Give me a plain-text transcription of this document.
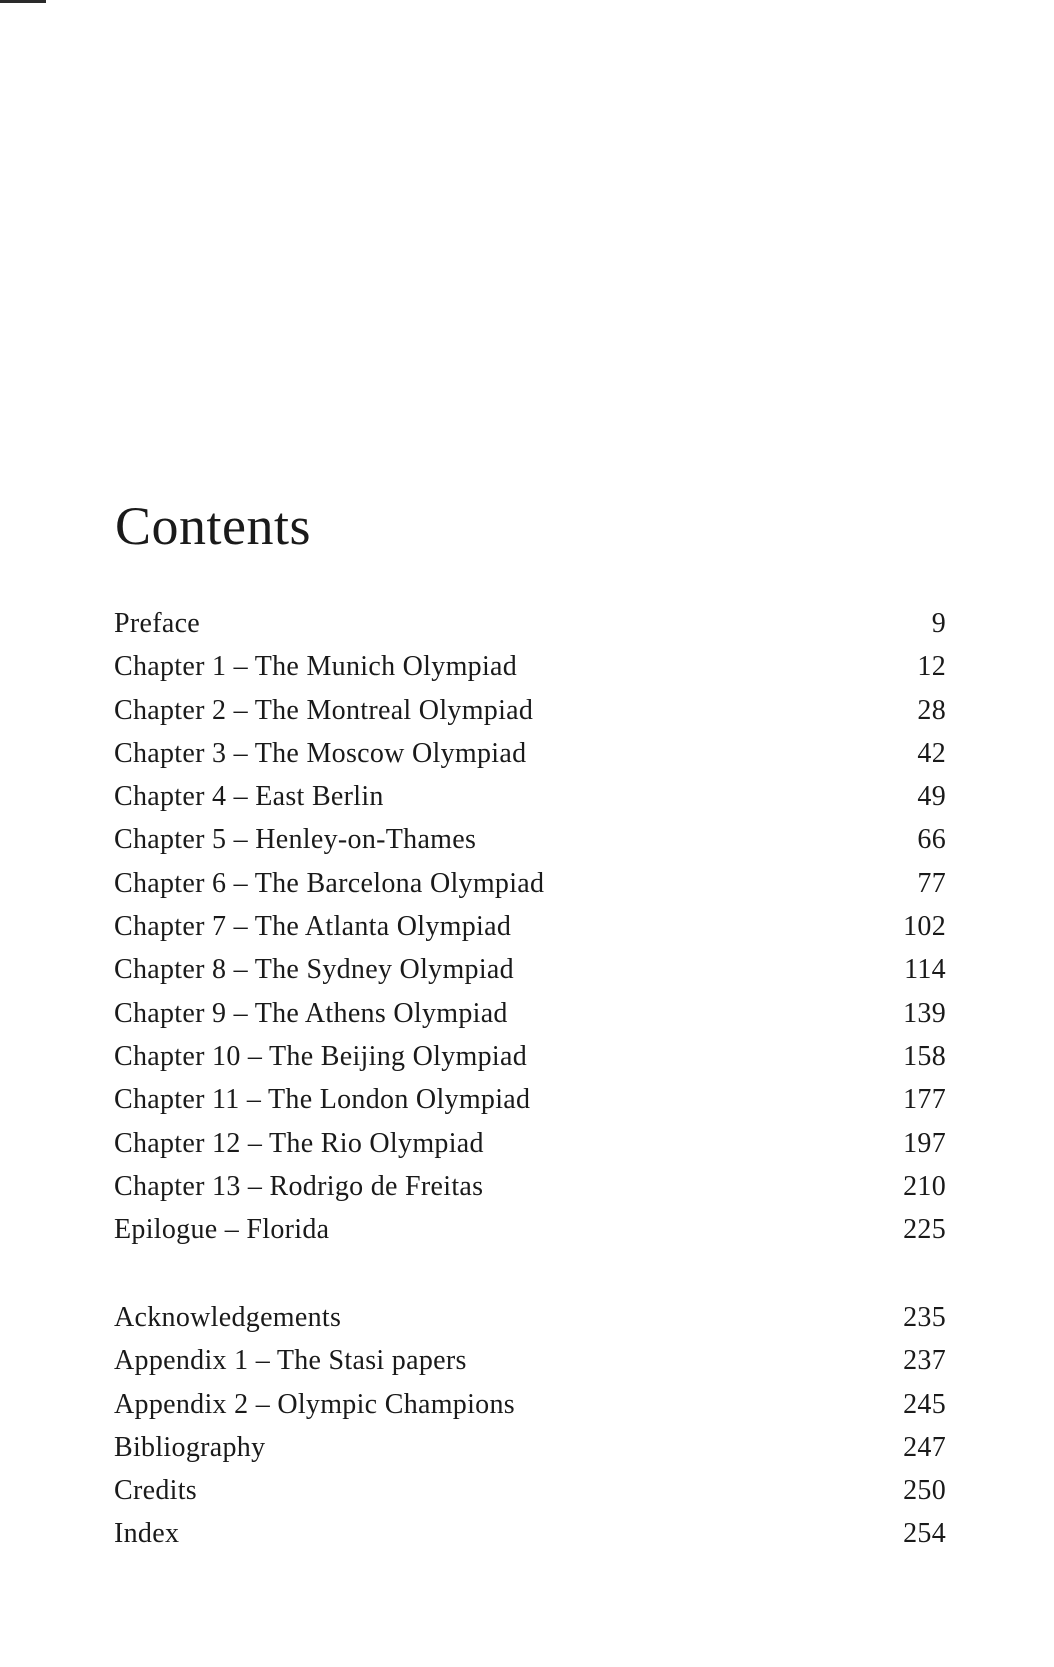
Contents
Preface	9
Chapter 1 – The Munich Olympiad	12
Chapter 2 – The Montreal Olympiad	28
Chapter 3 – The Moscow Olympiad	42
Chapter 4 – East Berlin	49
Chapter 5 – Henley-on-Thames	66
Chapter 6 – The Barcelona Olympiad	77
Chapter 7 – The Atlanta Olympiad	102
Chapter 8 – The Sydney Olympiad	114
Chapter 9 – The Athens Olympiad	139
Chapter 10 – The Beijing Olympiad	158
Chapter 11 – The London Olympiad	177
Chapter 12 – The Rio Olympiad	197
Chapter 13 – Rodrigo de Freitas	210
Epilogue – Florida	225
Acknowledgements	235
Appendix 1 – The Stasi papers	237
Appendix 2 – Olympic Champions	245
Bibliography	247
Credits	250
Index	254
